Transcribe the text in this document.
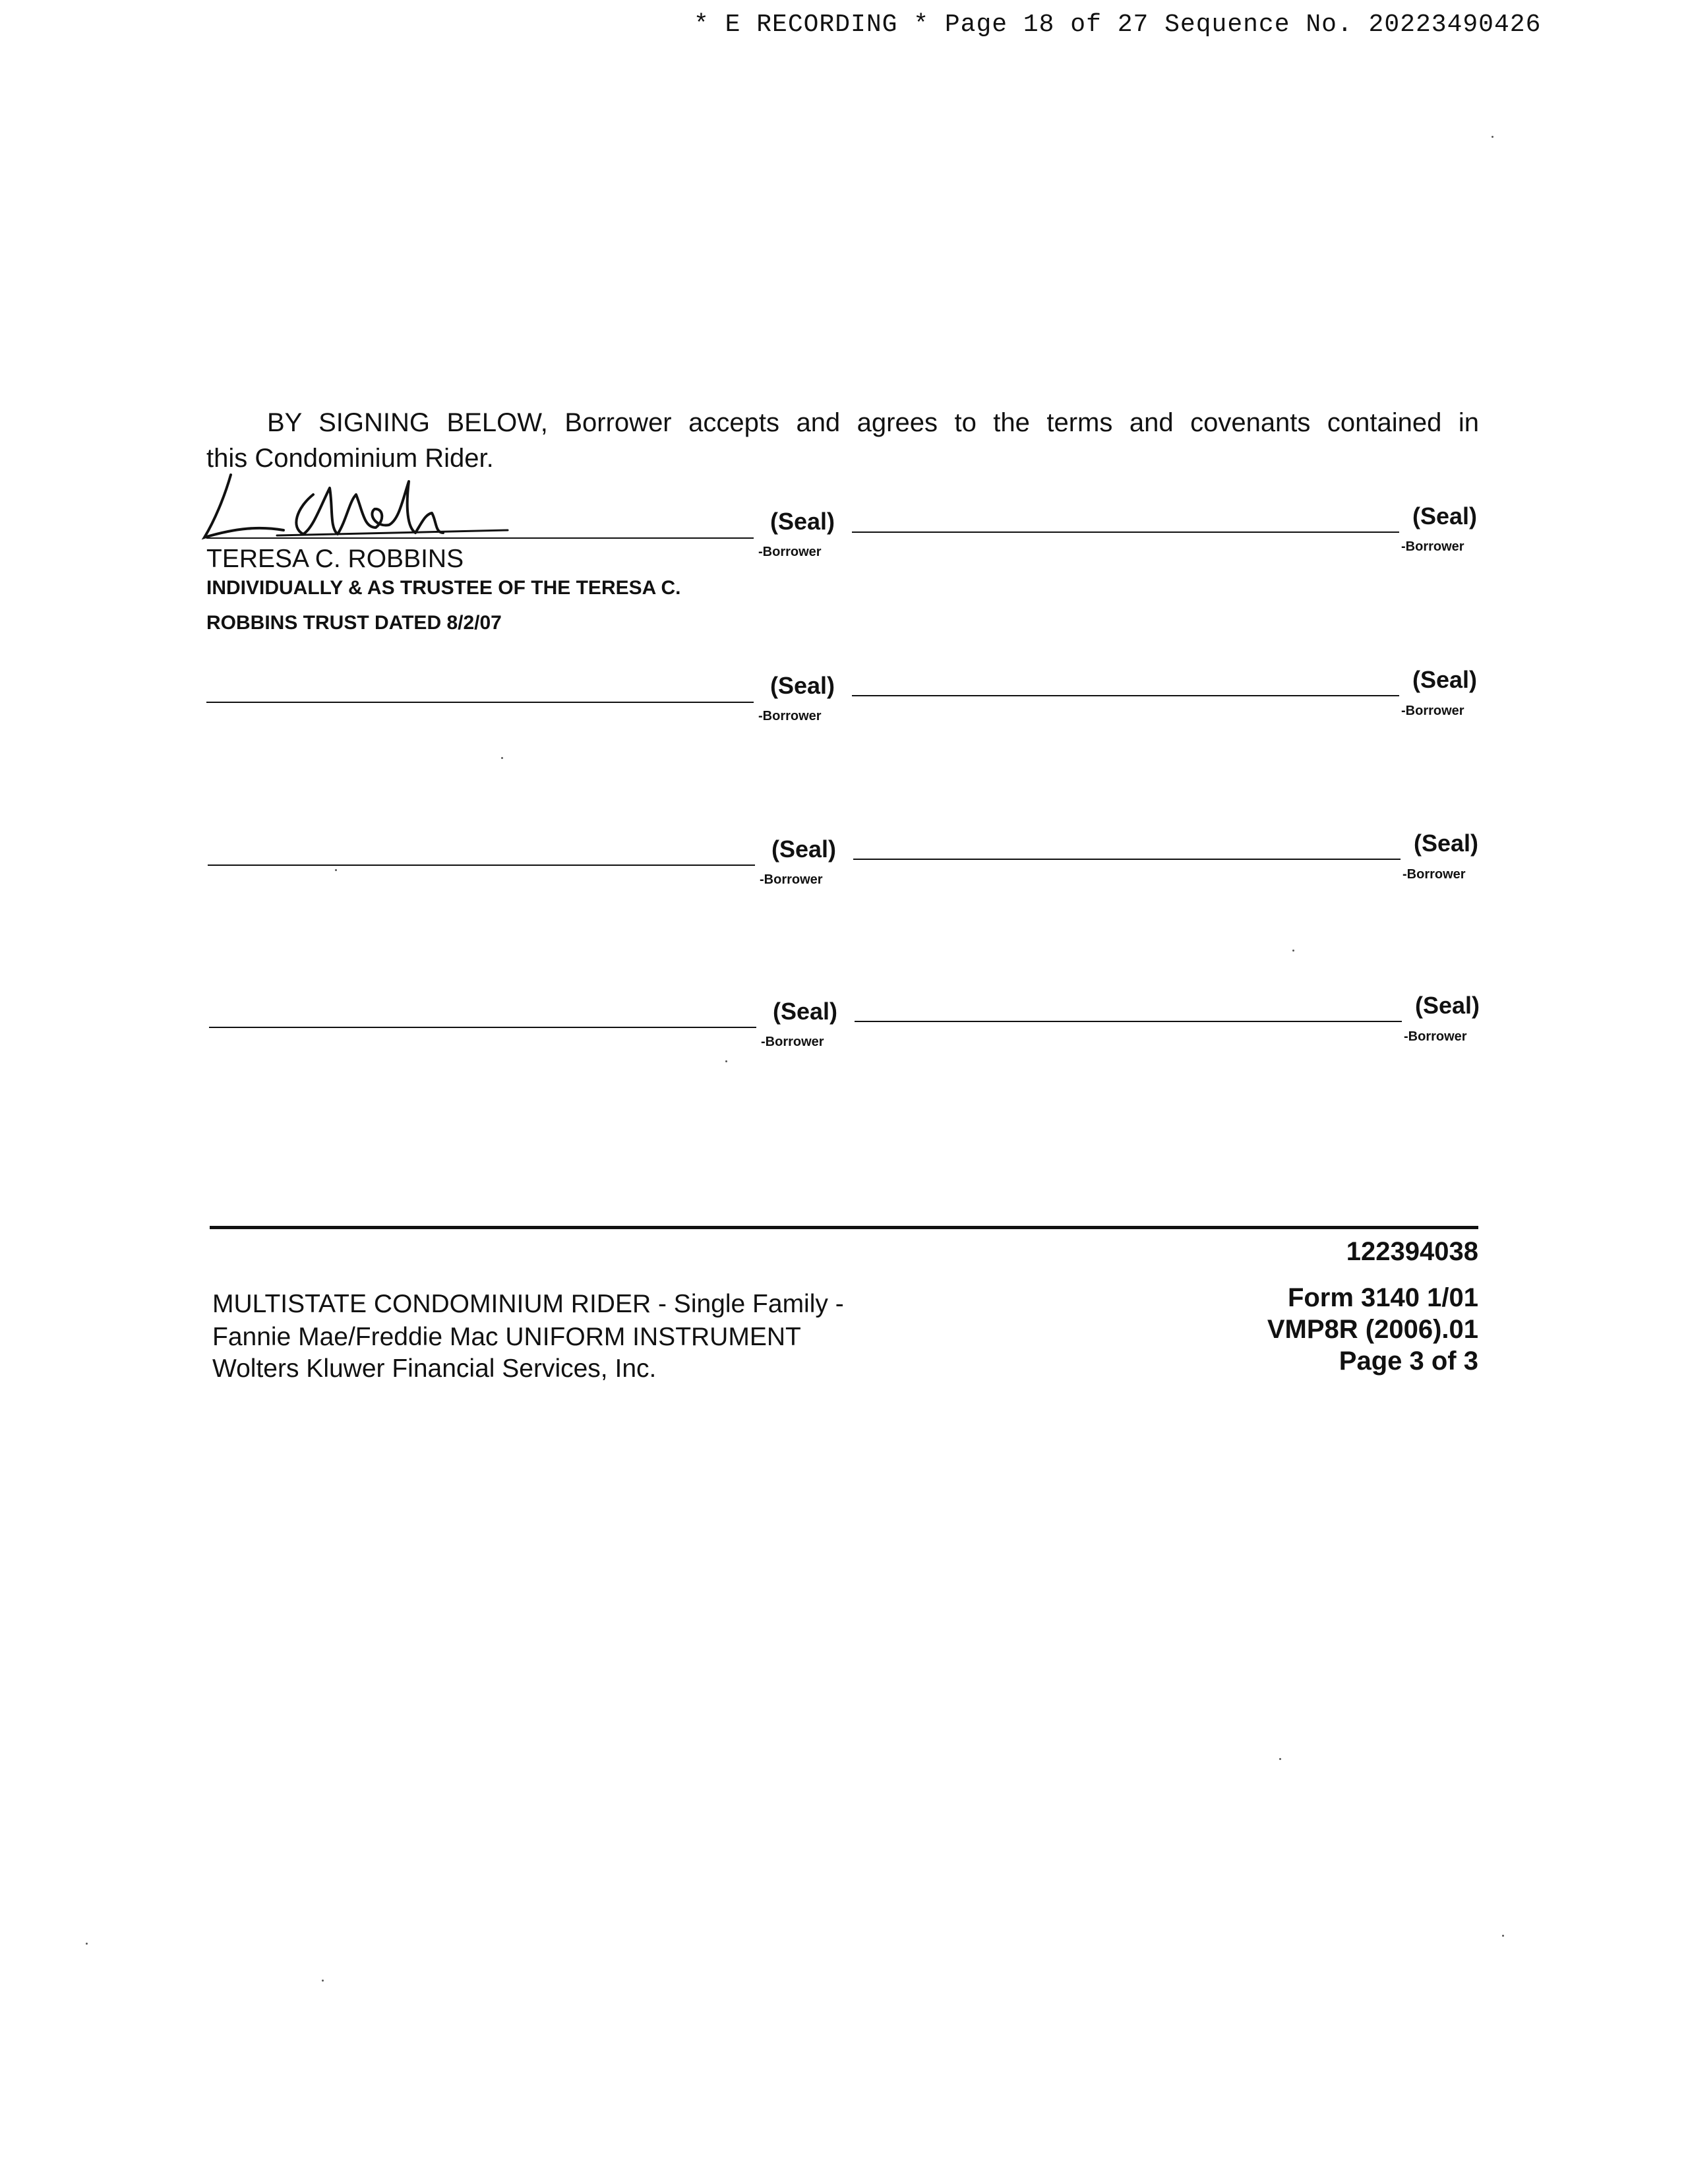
* E RECORDING * Page 18 of 27 Sequence No. 20223490426
BY SIGNING BELOW, Borrower accepts and agrees to the terms and covenants contained in
this Condominium Rider.
(Seal)
-Borrower
(Seal)
-Borrower
TERESA C. ROBBINS
INDIVIDUALLY & AS TRUSTEE OF THE TERESA C.
ROBBINS TRUST DATED 8/2/07
(Seal)
-Borrower
(Seal)
-Borrower
(Seal)
-Borrower
(Seal)
-Borrower
(Seal)
-Borrower
(Seal)
-Borrower
122394038
MULTISTATE CONDOMINIUM RIDER - Single Family -
Fannie Mae/Freddie Mac UNIFORM INSTRUMENT
Wolters Kluwer Financial Services, Inc.
Form 3140 1/01
VMP8R (2006).01
Page 3 of 3
